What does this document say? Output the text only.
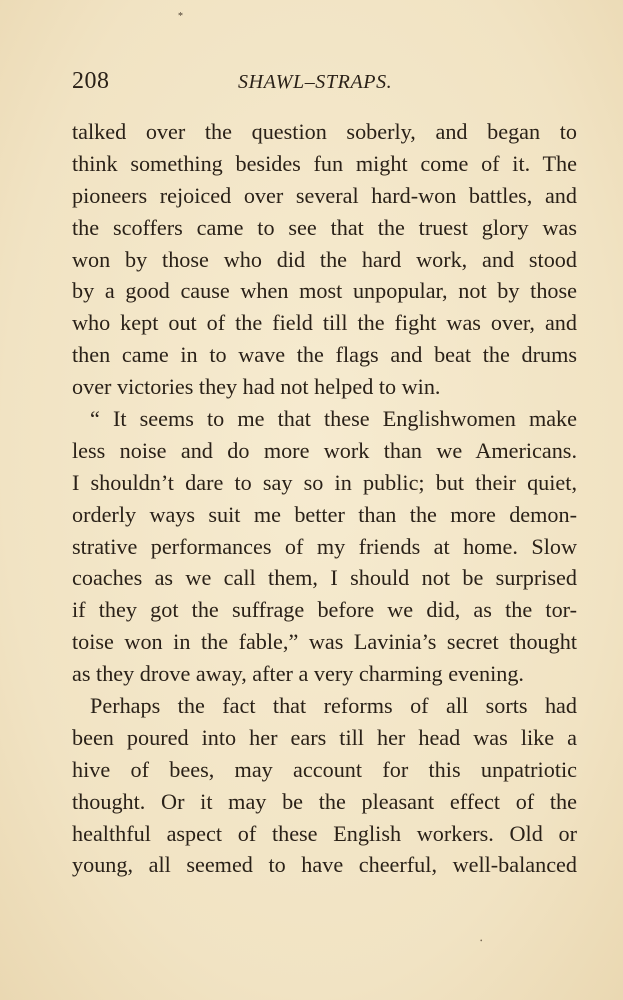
*
208	SHAWL–STRAPS.
talked over the question soberly, and began to
think something besides fun might come of it. The
pioneers rejoiced over several hard-won battles, and
the scoffers came to see that the truest glory was
won by those who did the hard work, and stood
by a good cause when most unpopular, not by those
who kept out of the field till the fight was over, and
then came in to wave the flags and beat the drums
over victories they had not helped to win.
“ It seems to me that these Englishwomen make
less noise and do more work than we Americans.
I shouldn’t dare to say so in public; but their quiet,
orderly ways suit me better than the more demon-
strative performances of my friends at home. Slow
coaches as we call them, I should not be surprised
if they got the suffrage before we did, as the tor-
toise won in the fable,” was Lavinia’s secret thought
as they drove away, after a very charming evening.
Perhaps the fact that reforms of all sorts had
been poured into her ears till her head was like a
hive of bees, may account for this unpatriotic
thought. Or it may be the pleasant effect of the
healthful aspect of these English workers. Old or
young, all seemed to have cheerful, well-balanced
•
